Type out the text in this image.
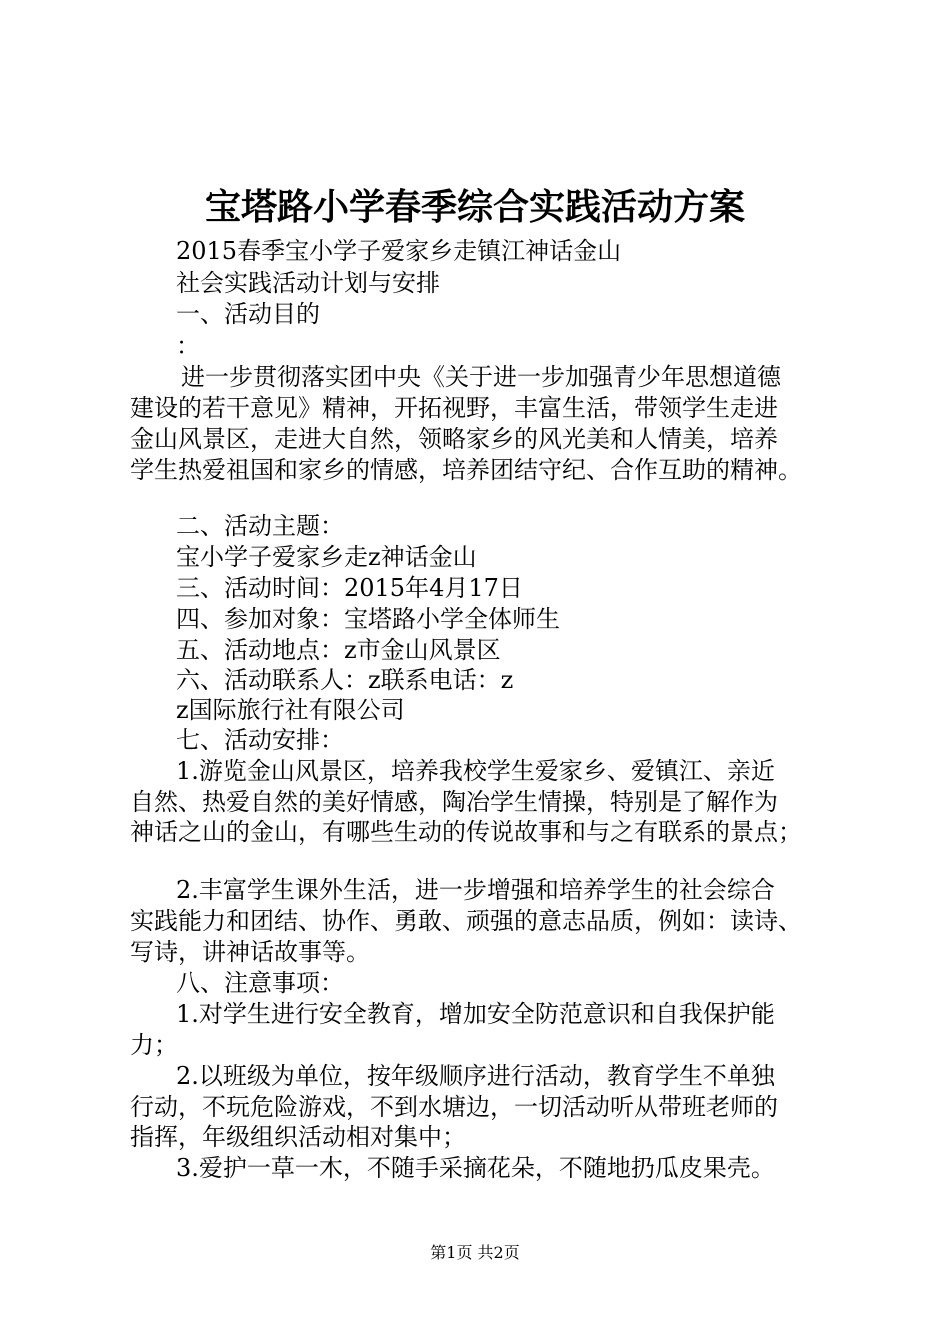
宝塔路小学春季综合实践活动方案

2015春季宝小学子爱家乡走镇江神话金山

社会实践活动计划与安排

一、活动目的

：

进一步贯彻落实团中央《关于进一步加强青少年思想道德

建设的若干意见》精神，开拓视野，丰富生活，带领学生走进

金山风景区，走进大自然，领略家乡的风光美和人情美，培养

学生热爱祖国和家乡的情感，培养团结守纪、合作互助的精神。

二、活动主题：

宝小学子爱家乡走z神话金山

三、活动时间：2015年4月17日

四、参加对象：宝塔路小学全体师生

五、活动地点：z市金山风景区

六、活动联系人：z联系电话：z

z国际旅行社有限公司

七、活动安排：

1.游览金山风景区，培养我校学生爱家乡、爱镇江、亲近

自然、热爱自然的美好情感，陶冶学生情操，特别是了解作为

神话之山的金山，有哪些生动的传说故事和与之有联系的景点；

2.丰富学生课外生活，进一步增强和培养学生的社会综合

实践能力和团结、协作、勇敢、顽强的意志品质，例如：读诗、

写诗，讲神话故事等。

八、注意事项：

1.对学生进行安全教育，增加安全防范意识和自我保护能

力；

2.以班级为单位，按年级顺序进行活动，教育学生不单独

行动，不玩危险游戏，不到水塘边，一切活动听从带班老师的

指挥，年级组织活动相对集中；

3.爱护一草一木，不随手采摘花朵，不随地扔瓜皮果壳。

第1页 共2页
